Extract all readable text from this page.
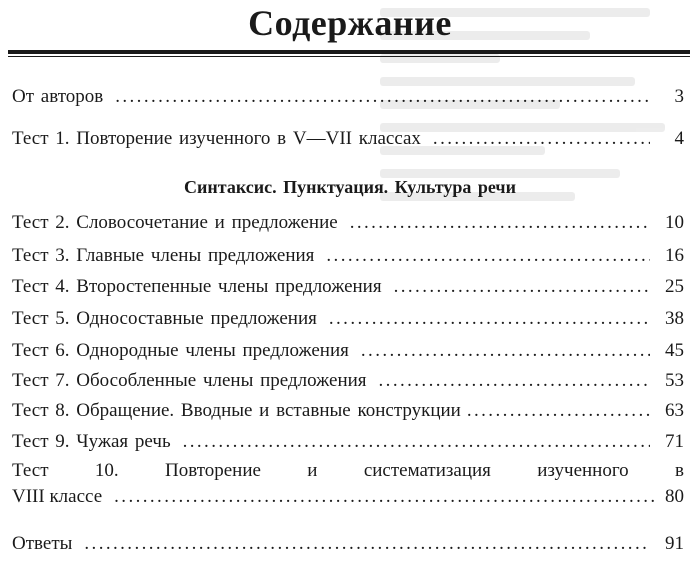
Содержание
От авторов .....	3
Тест 1. Повторение изученного в V—VII классах .....	4
Синтаксис. Пунктуация. Культура речи
Тест 2. Словосочетание и предложение .....	10
Тест 3. Главные члены предложения .....	16
Тест 4. Второстепенные члены предложения .....	25
Тест 5. Односоставные предложения .....	38
Тест 6. Однородные члены предложения .....	45
Тест 7. Обособленные члены предложения .....	53
Тест 8. Обращение. Вводные и вставные конструкции .....	63
Тест 9. Чужая речь .....	71
Тест 10. Повторение и систематизация изученного в
VIII классе .....	80
Ответы .....	91
